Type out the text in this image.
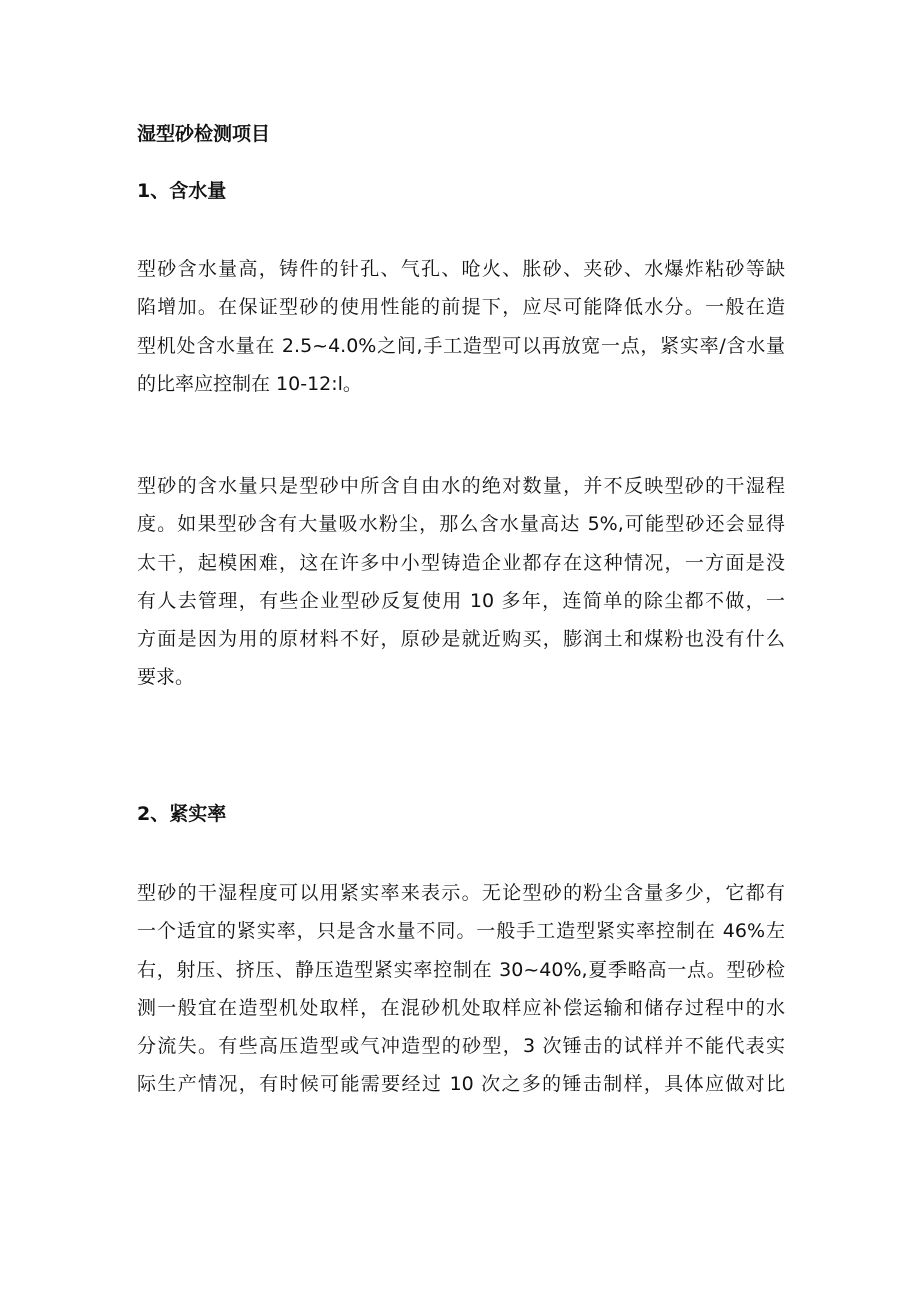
湿型砂检测项目
1、含水量
型砂含水量高，铸件的针孔、气孔、呛火、胀砂、夹砂、水爆炸粘砂等缺
陷增加。在保证型砂的使用性能的前提下，应尽可能降低水分。一般在造
型机处含水量在 2.5~4.0%之间,手工造型可以再放宽一点，紧实率/含水量
的比率应控制在 10-12:l。
型砂的含水量只是型砂中所含自由水的绝对数量，并不反映型砂的干湿程
度。如果型砂含有大量吸水粉尘，那么含水量高达 5%,可能型砂还会显得
太干，起模困难，这在许多中小型铸造企业都存在这种情况，一方面是没
有人去管理，有些企业型砂反复使用 10 多年，连简单的除尘都不做，一
方面是因为用的原材料不好，原砂是就近购买，膨润土和煤粉也没有什么
要求。
2、紧实率
型砂的干湿程度可以用紧实率来表示。无论型砂的粉尘含量多少，它都有
一个适宜的紧实率，只是含水量不同。一般手工造型紧实率控制在 46%左
右，射压、挤压、静压造型紧实率控制在 30~40%,夏季略高一点。型砂检
测一般宜在造型机处取样，在混砂机处取样应补偿运输和储存过程中的水
分流失。有些高压造型或气冲造型的砂型，3 次锤击的试样并不能代表实
际生产情况，有时候可能需要经过 10 次之多的锤击制样，具体应做对比
